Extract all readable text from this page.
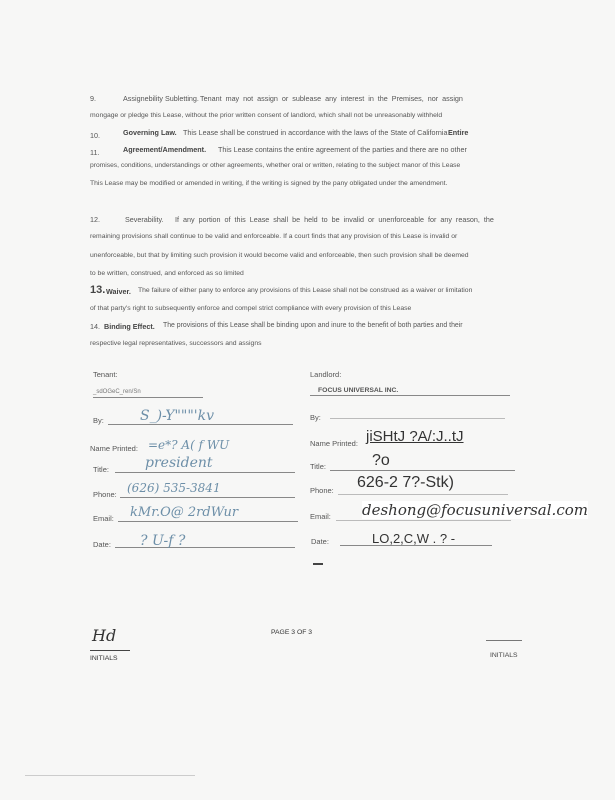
9.	Assignebility Subletting. Tenant may not assign or sublease any interest in the Premises, nor assign
mongage or pledge this Lease, without the prior written consent of landlord, which shall not be unreasonably withheld
10.	Governing Law. This Lease shall be construed in accordance with the laws of the State of California Entire
11.	Agreement/Amendment. This Lease contains the entire agreement of the parties and there are no other
promises, conditions, understandings or other agreements, whether oral or written, relating to the subject manor of this Lease
This Lease may be modified or amended in writing, if the writing is signed by the pany obligated under the amendment.
12.	Severability. If any portion of this Lease shall be held to be invalid or unenforceable for any reason, the
remaining provisions shall continue to be valid and enforceable. If a court finds that any provision of this Lease is invalid or
unenforceable, but that by limiting such provision it would become valid and enforceable, then such provision shall be deemed
to be written, construed, and enforced as so limited
13. Waiver. The failure of either pany to enforce any provisions of this Lease shall not be construed as a waiver or limitation
of that party's right to subsequently enforce and compel strict compliance with every provision of this Lease
14. Binding Effect. The provisions of this Lease shall be binding upon and inure to the benefit of both parties and their
respective legal representatives, successors and assigns
Tenant:
_sdOGeC_ren/Sn
By:	S_)-Y"""'kv
Name Printed: =e*? A( f WU
Title:	president
Phone: (626) 535-3841
Email: kMr.O@ 2rdWur
Date: ? U-f ?
Landlord:
FOCUS UNIVERSAL INC.
By:
Name Printed: jiSHtJ ?A/:J..tJ
Title:	?o
Phone: 626-2 7?-Stk)
Email: deshong@focusuniversal.com
Date:	LO,2,C,W . ? -
Hd
INITIALS
PAGE 3 OF 3
INITIALS
